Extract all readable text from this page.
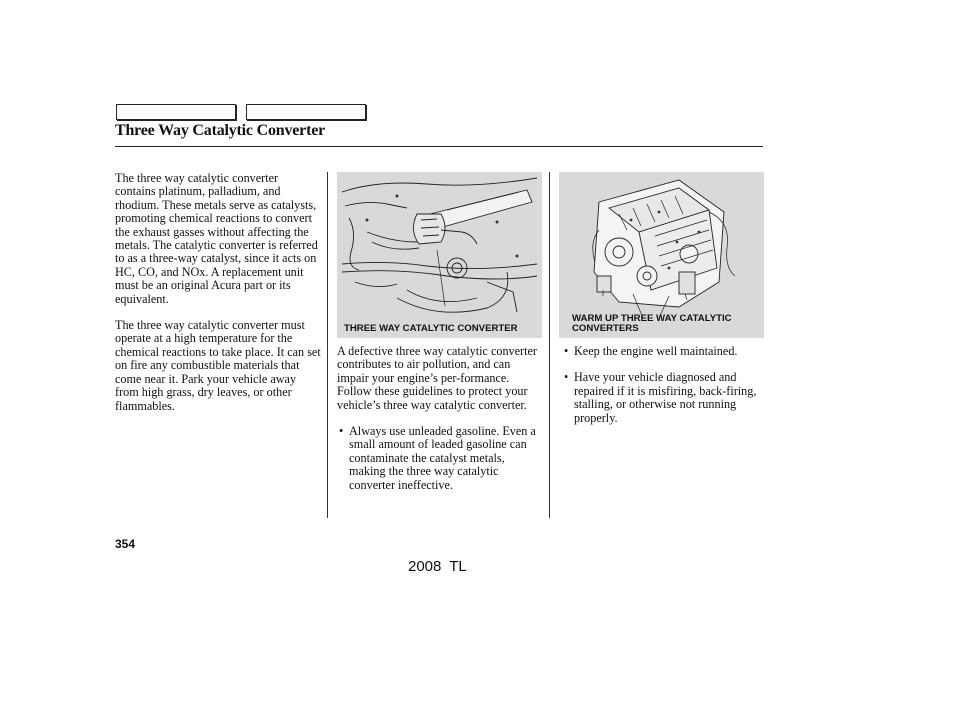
Three Way Catalytic Converter

The three way catalytic converter contains platinum, palladium, and rhodium. These metals serve as catalysts, promoting chemical reactions to convert the exhaust gasses without affecting the metals. The catalytic converter is referred to as a three-way catalyst, since it acts on HC, CO, and NOx. A replacement unit must be an original Acura part or its equivalent.

The three way catalytic converter must operate at a high temperature for the chemical reactions to take place. It can set on fire any combustible materials that come near it. Park your vehicle away from high grass, dry leaves, or other flammables.

THREE WAY CATALYTIC CONVERTER

A defective three way catalytic converter contributes to air pollution, and can impair your engine’s per-formance. Follow these guidelines to protect your vehicle’s three way catalytic converter.

• Always use unleaded gasoline. Even a small amount of leaded gasoline can contaminate the catalyst metals, making the three way catalytic converter ineffective.
WARM UP THREE WAY CATALYTIC CONVERTERS
• Keep the engine well maintained.
• Have your vehicle diagnosed and repaired if it is misfiring, back-firing, stalling, or otherwise not running properly.
354
2008 TL
